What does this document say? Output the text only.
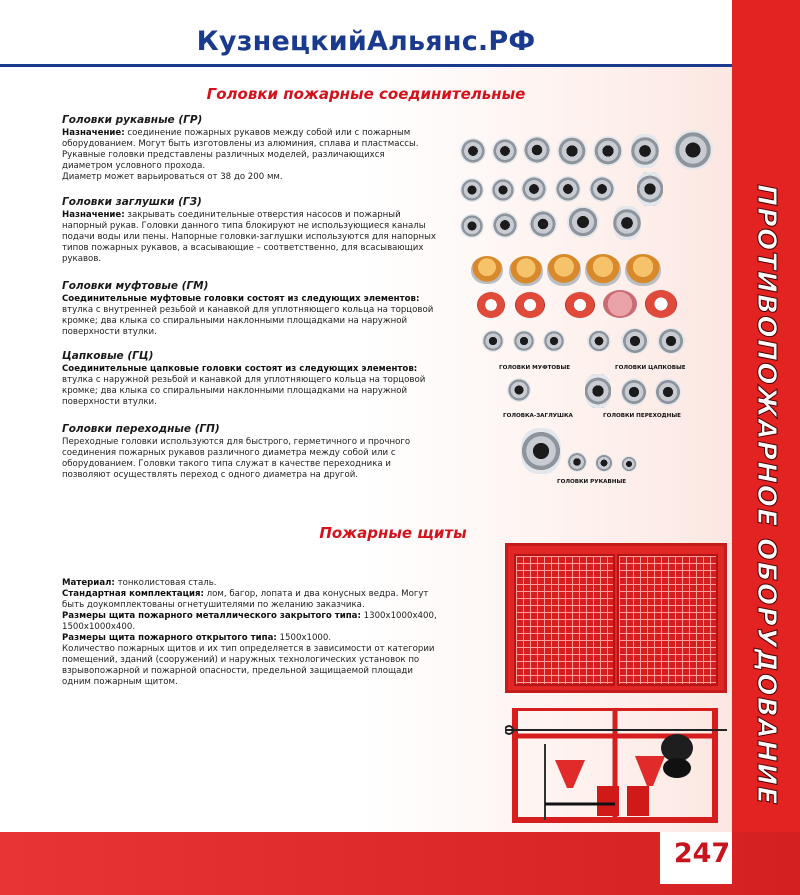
КузнецкийАльянс.РФ
ПРОТИВОПОЖАРНОЕ ОБОРУДОВАНИЕ
Головки пожарные соединительные
Головки рукавные (ГР)
Назначение: соединение пожарных рукавов между собой или с пожарным
оборудованием. Могут быть изготовлены из алюминия, сплава и пластмассы.
Рукавные головки представлены различных моделей, различающихся
диаметром условного прохода.
Диаметр может варьироваться от 38 до 200 мм.
Головки заглушки (ГЗ)
Назначение: закрывать соединительные отверстия насосов и пожарный
напорный рукав. Головки данного типа блокируют не использующиеся каналы
подачи воды или пены. Напорные головки-заглушки используются для напорных
типов пожарных рукавов, а всасывающие – соответственно, для всасывающих
рукавов.
Головки муфтовые (ГМ)
Соединительные муфтовые головки состоят из следующих элементов:
втулка с внутренней резьбой и канавкой для уплотняющего кольца на торцовой
кромке; два клыка со спиральными наклонными площадками на наружной
поверхности втулки.
Цапковые (ГЦ)
Соединительные цапковые головки состоят из следующих элементов:
втулка с наружной резьбой и канавкой для уплотняющего кольца на торцовой
кромке; два клыка со спиральными наклонными площадками на наружной
поверхности втулки.
Головки переходные (ГП)
Переходные головки используются для быстрого, герметичного и прочного
соединения пожарных рукавов различного диаметра между собой или с
оборудованием. Головки такого типа служат в качестве переходника и
позволяют осуществлять переход с одного диаметра на другой.
ГОЛОВКИ МУФТОВЫЕ	ГОЛОВКИ ЦАПКОВЫЕ
ГОЛОВКА-ЗАГЛУШКА	ГОЛОВКИ ПЕРЕХОДНЫЕ
ГОЛОВКИ РУКАВНЫЕ
Пожарные щиты
Материал: тонколистовая сталь.
Стандартная комплектация: лом, багор, лопата и два конусных ведра. Могут
быть доукомплектованы огнетушителями по желанию заказчика.
Размеры щита пожарного металлического закрытого типа: 1300х1000х400,
1500х1000х400.
Размеры щита пожарного открытого типа: 1500х1000.
Количество пожарных щитов и их тип определяется в зависимости от категории
помещений, зданий (сооружений) и наружных технологических установок по
взрывопожарной и пожарной опасности, предельной защищаемой площади
одним пожарным щитом.
247
